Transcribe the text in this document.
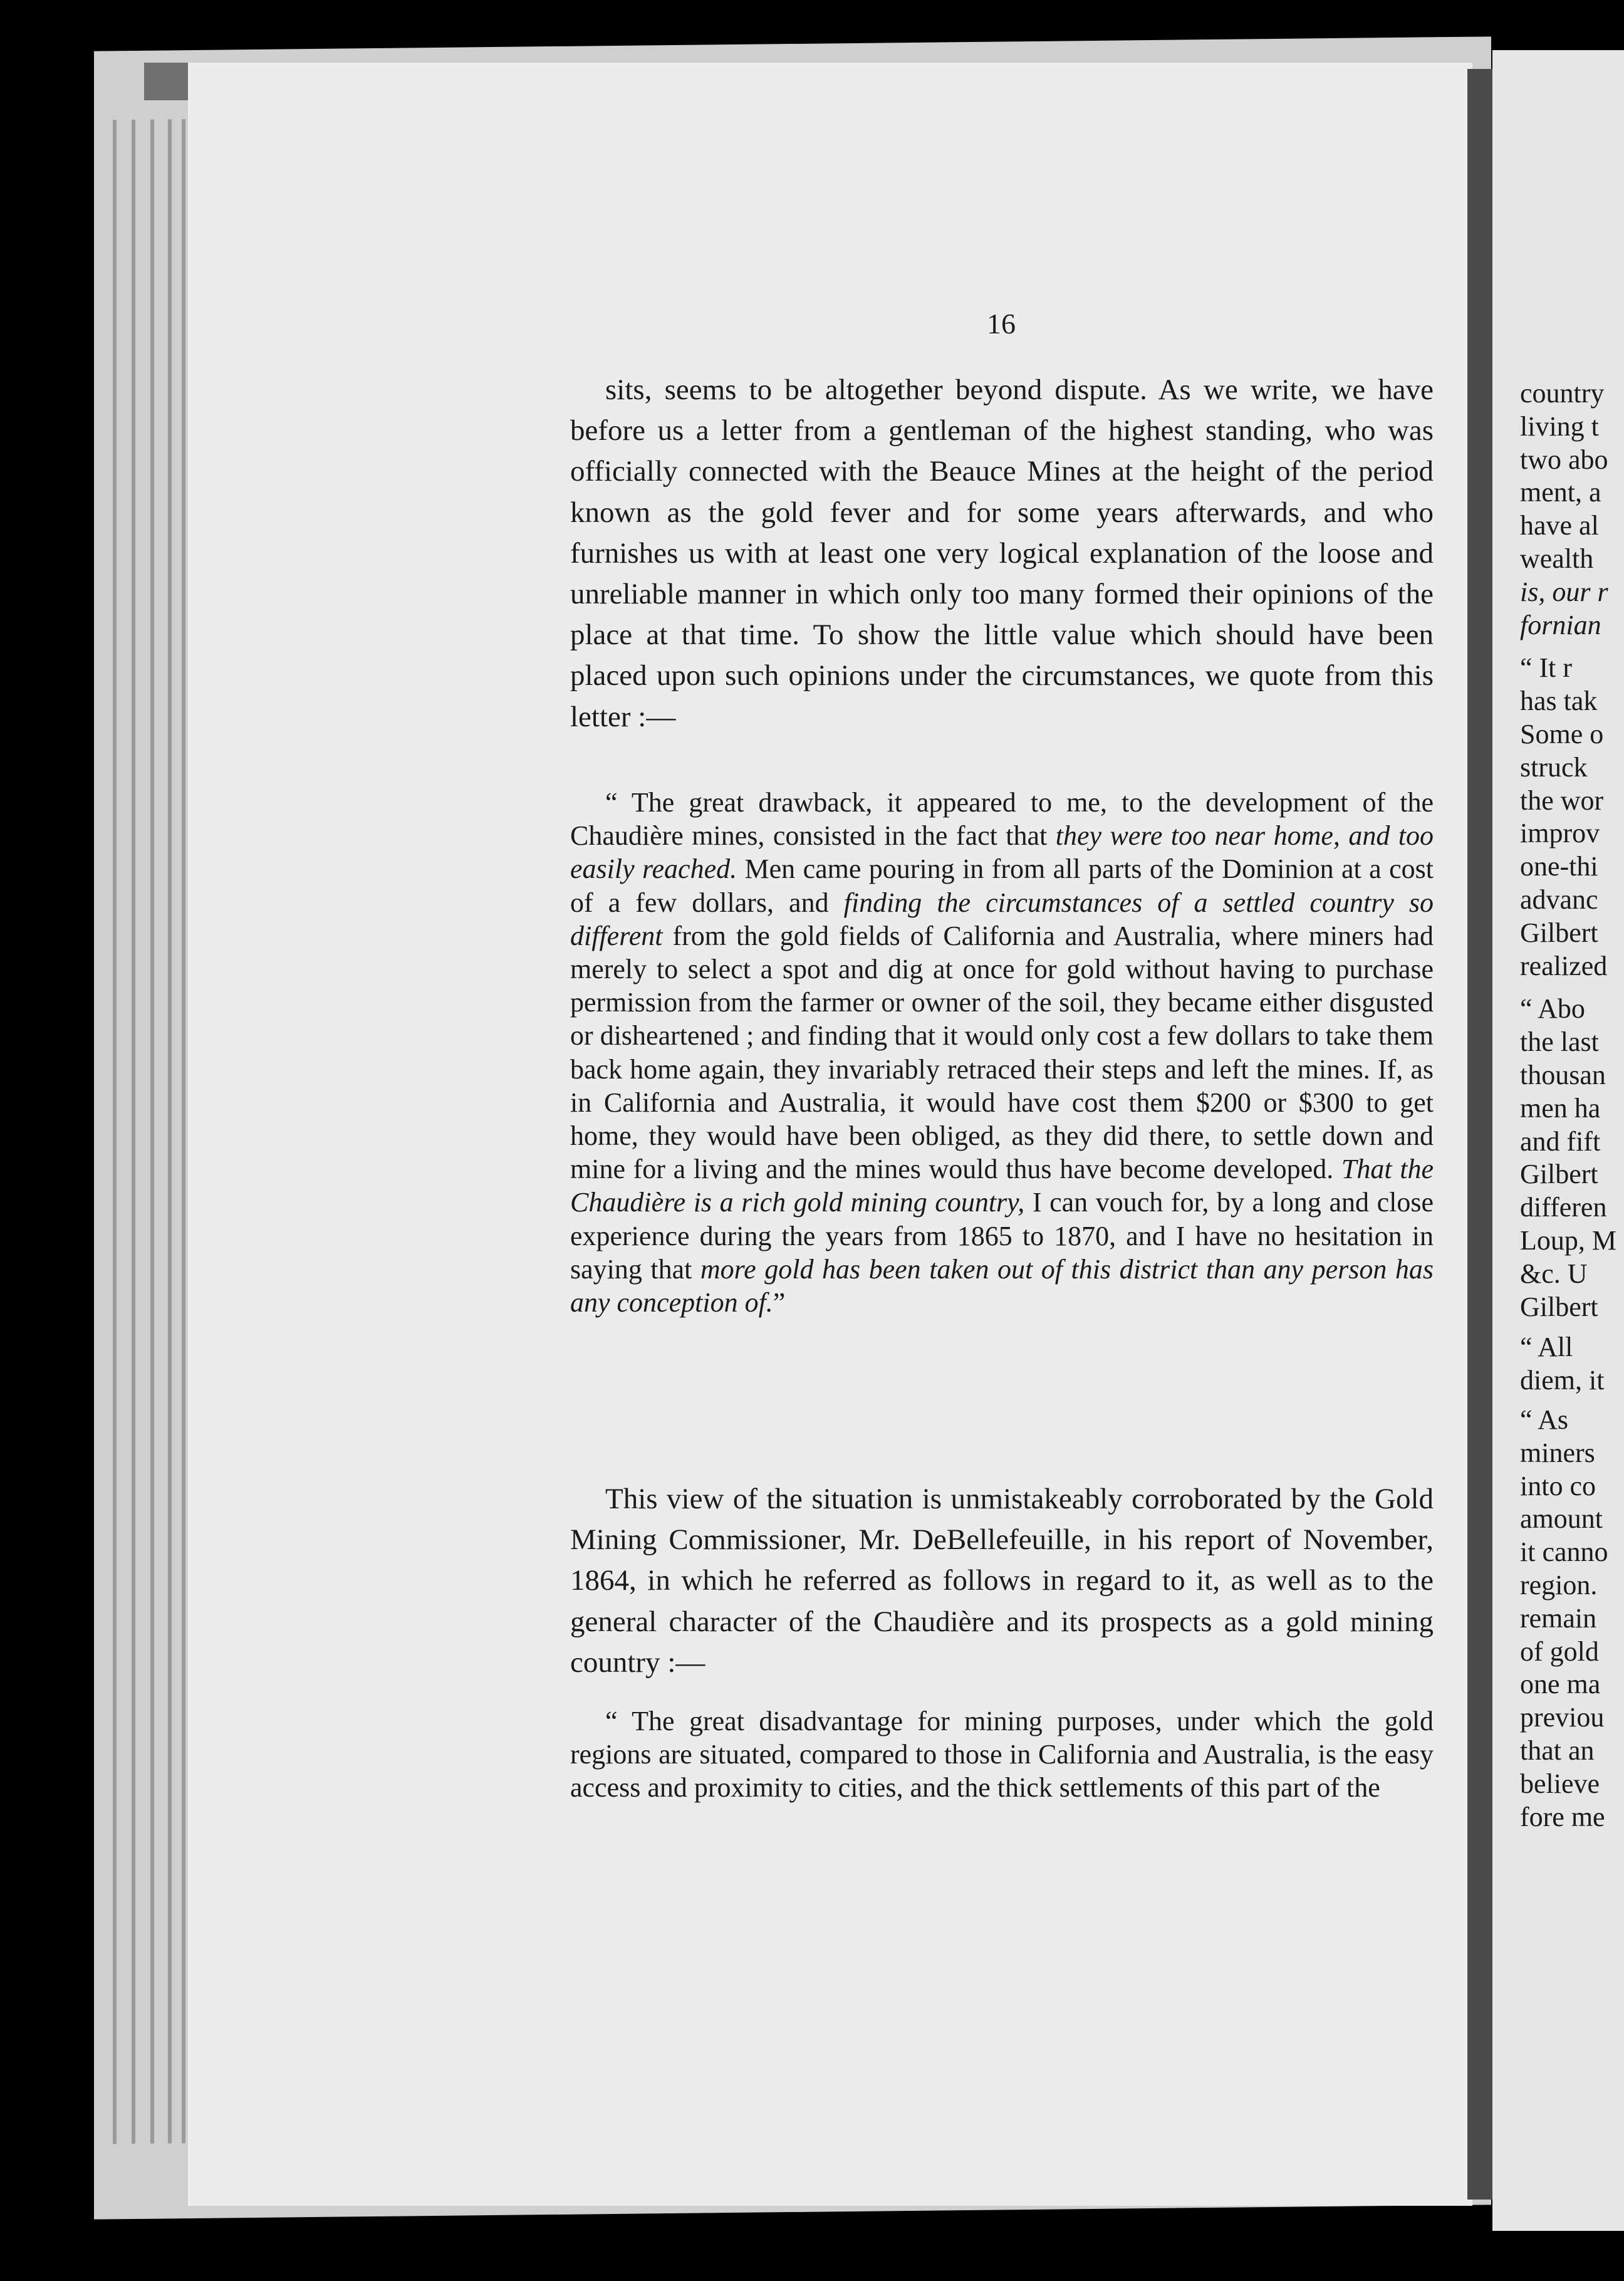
16

sits, seems to be altogether beyond dispute. As we write, we have before us a letter from a gentleman of the highest standing, who was officially connected with the Beauce Mines at the height of the period known as the gold fever and for some years afterwards, and who furnishes us with at least one very logical explanation of the loose and unreliable manner in which only too many formed their opinions of the place at that time. To show the little value which should have been placed upon such opinions under the circumstances, we quote from this letter :—

“ The great drawback, it appeared to me, to the development of the Chaudière mines, consisted in the fact that they were too near home, and too easily reached. Men came pouring in from all parts of the Dominion at a cost of a few dollars, and finding the circumstances of a settled country so different from the gold fields of California and Australia, where miners had merely to select a spot and dig at once for gold without having to purchase permission from the farmer or owner of the soil, they became either disgusted or disheartened ; and finding that it would only cost a few dollars to take them back home again, they invariably retraced their steps and left the mines. If, as in California and Australia, it would have cost them $200 or $300 to get home, they would have been obliged, as they did there, to settle down and mine for a living and the mines would thus have become developed. That the Chaudière is a rich gold mining country, I can vouch for, by a long and close experience during the years from 1865 to 1870, and I have no hesitation in saying that more gold has been taken out of this district than any person has any conception of.”

This view of the situation is unmistakeably corroborated by the Gold Mining Commissioner, Mr. DeBellefeuille, in his report of November, 1864, in which he referred as follows in regard to it, as well as to the general character of the Chaudière and its prospects as a gold mining country :—

“ The great disadvantage for mining purposes, under which the gold regions are situated, compared to those in California and Australia, is the easy access and proximity to cities, and the thick settlements of this part of the

country
living t
two abo
ment, a
have al
wealth
is, our r
fornian
“ It r
has tak
Some o
struck
the wor
improv
one-thi
advanc
Gilbert
realized
“ Abo
the last
thousan
men ha
and fift
Gilbert
differen
Loup, M
&c. U
Gilbert
“ All
diem, it
“ As
miners
into co
amount
it canno
region.
remain
of gold
one ma
previou
that an
believe
fore me
